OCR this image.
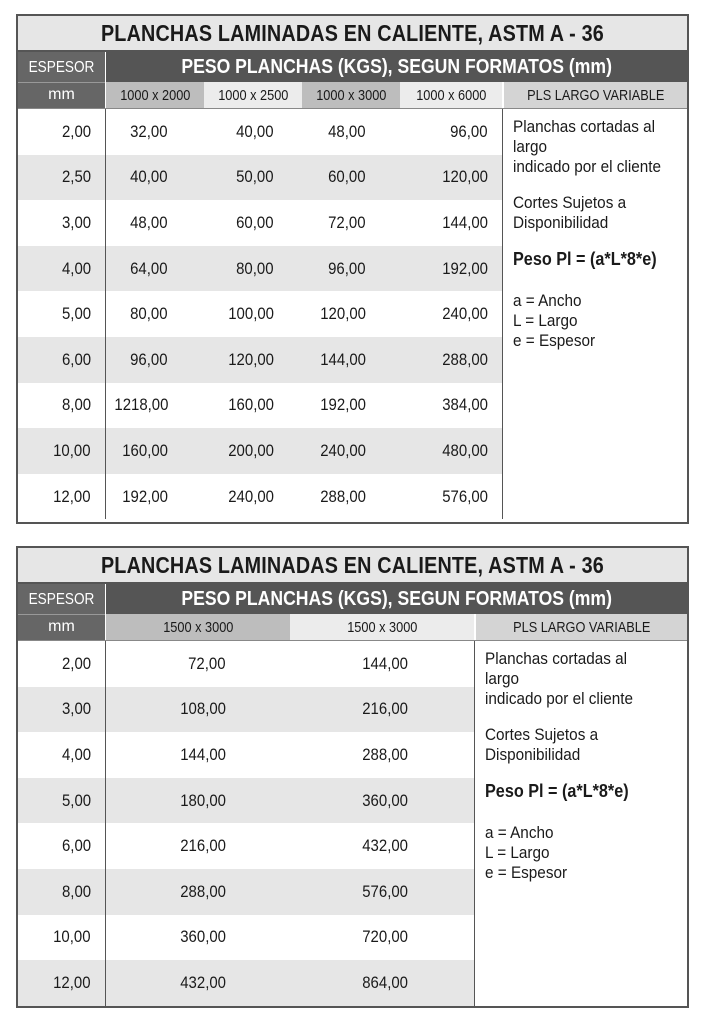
PLANCHAS LAMINADAS EN CALIENTE, ASTM A - 36
ESPESOR
mm
PESO PLANCHAS (KGS), SEGUN FORMATOS (mm)
1000 x 2000 1000 x 2500 1000 x 3000 1000 x 6000	PLS LARGO VARIABLE
2,00 32,00	40,00	48,00	96,00
2,50 40,00	50,00	60,00	120,00
3,00 48,00	60,00	72,00	144,00
4,00 64,00	80,00	96,00	192,00
5,00 80,00	100,00	120,00	240,00
6,00 96,00	120,00	144,00	288,00
8,00 1218,00	160,00	192,00	384,00
10,00 160,00	200,00	240,00	480,00
12,00 192,00	240,00	288,00	576,00
Planchas cortadas al largo
indicado por el cliente
Cortes Sujetos a
Disponibilidad
Peso Pl = (a*L*8*e)
a = Ancho
L = Largo
e = Espesor
PLANCHAS LAMINADAS EN CALIENTE, ASTM A - 36
ESPESOR
mm
PESO PLANCHAS (KGS), SEGUN FORMATOS (mm)
1500 x 3000	1500 x 3000	PLS LARGO VARIABLE
2,00	72,00	144,00
3,00	108,00	216,00
4,00	144,00	288,00
5,00	180,00	360,00
6,00	216,00	432,00
8,00	288,00	576,00
10,00	360,00	720,00
12,00	432,00	864,00
Planchas cortadas al largo
indicado por el cliente
Cortes Sujetos a
Disponibilidad
Peso Pl = (a*L*8*e)
a = Ancho
L = Largo
e = Espesor
